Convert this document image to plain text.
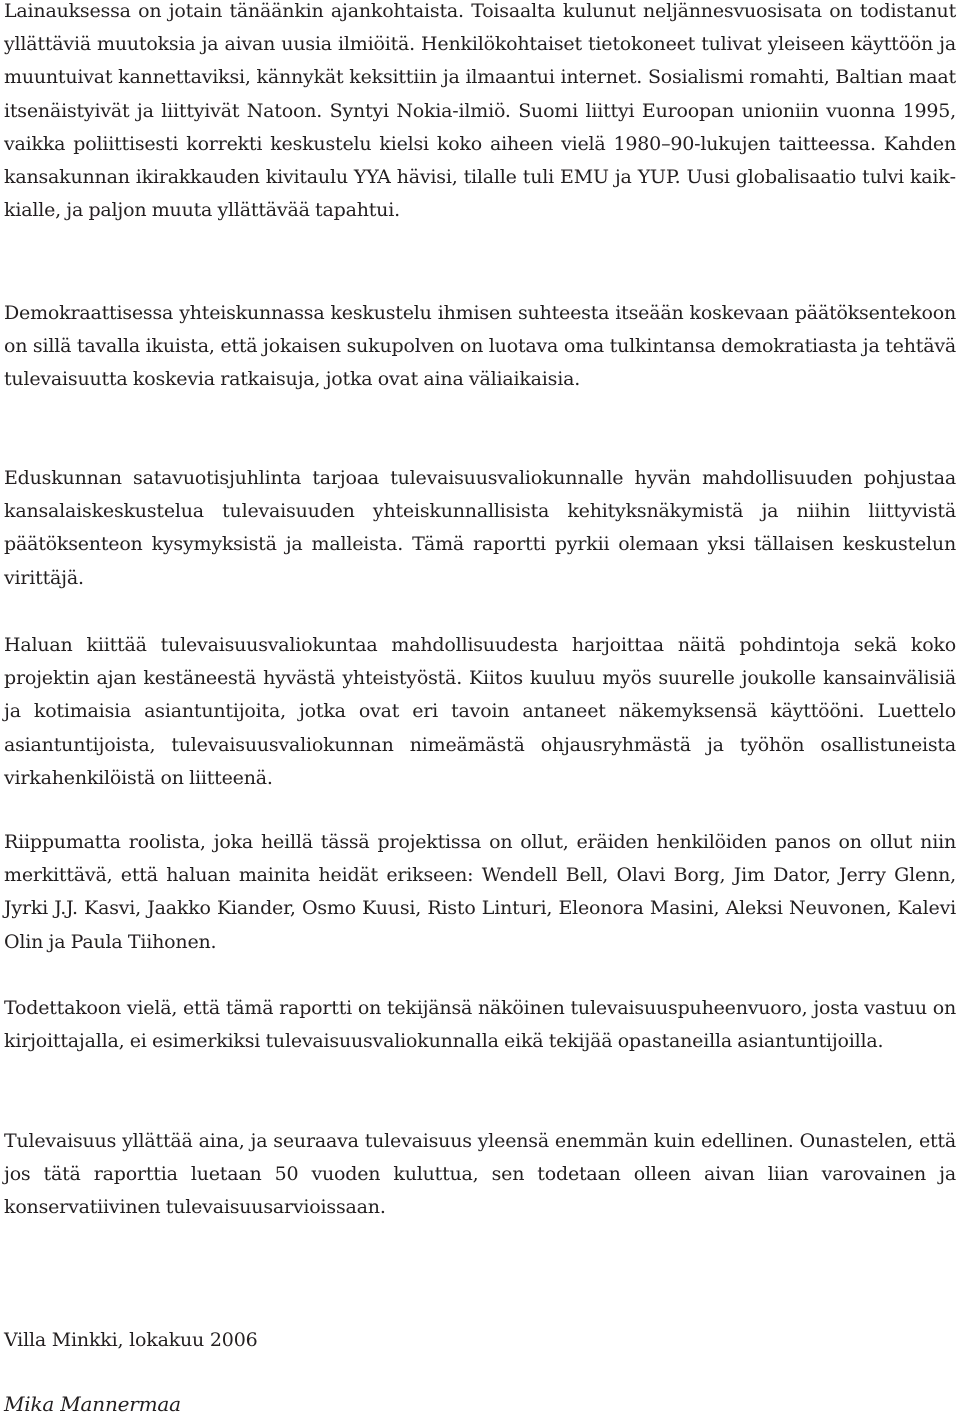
Lainauksessa on jotain tänäänkin ajankohtaista. Toisaalta kulunut neljännesvuosisata on todistanut yllättäviä muutoksia ja aivan uusia ilmiöitä. Henkilökohtaiset tietokoneet tulivat yleiseen käyttöön ja muuntuivat kannettaviksi, kännykät keksittiin ja ilmaantui internet. Sosialismi romahti, Baltian maat itsenäistyivät ja liittyivät Natoon. Syntyi Nokia-ilmiö. Suomi liittyi Euroopan unioniin vuonna 1995, vaikka poliittisesti korrekti keskustelu kielsi koko aiheen vielä 1980–90-lukujen taitteessa. Kahden kansakunnan ikirakkauden kivitaulu YYA hävisi, tilalle tuli EMU ja YUP. Uusi globalisaatio tulvi kaikkialle, ja paljon muuta yllättävää tapahtui.

Demokraattisessa yhteiskunnassa keskustelu ihmisen suhteesta itseään koskevaan päätöksentekoon on sillä tavalla ikuista, että jokaisen sukupolven on luotava oma tulkintansa demokratiasta ja tehtävä tulevaisuutta koskevia ratkaisuja, jotka ovat aina väliaikaisia.

Eduskunnan satavuotisjuhlinta tarjoaa tulevaisuusvaliokunnalle hyvän mahdollisuuden pohjustaa kansalaiskeskustelua tulevaisuuden yhteiskunnallisista kehityksnäkymistä ja niihin liittyvistä päätöksenteon kysymyksistä ja malleista. Tämä raportti pyrkii olemaan yksi tällaisen keskustelun virittäjä.

Haluan kiittää tulevaisuusvaliokuntaa mahdollisuudesta harjoittaa näitä pohdintoja sekä koko projektin ajan kestäneestä hyvästä yhteistyöstä. Kiitos kuuluu myös suurelle joukolle kansainvälisiä ja kotimaisia asiantuntijoita, jotka ovat eri tavoin antaneet näkemyksensä käyttööni. Luettelo asiantuntijoista, tulevaisuusvaliokunnan nimeämästä ohjausryhmästä ja työhön osallistuneista virkahenkilöistä on liitteenä.

Riippumatta roolista, joka heillä tässä projektissa on ollut, eräiden henkilöiden panos on ollut niin merkittävä, että haluan mainita heidät erikseen: Wendell Bell, Olavi Borg, Jim Dator, Jerry Glenn, Jyrki J.J. Kasvi, Jaakko Kiander, Osmo Kuusi, Risto Linturi, Eleonora Masini, Aleksi Neuvonen, Kalevi Olin ja Paula Tiihonen.

Todettakoon vielä, että tämä raportti on tekijänsä näköinen tulevaisuuspuheenvuoro, josta vastuu on kirjoittajalla, ei esimerkiksi tulevaisuusvaliokunnalla eikä tekijää opastaneilla asiantuntijoilla.

Tulevaisuus yllättää aina, ja seuraava tulevaisuus yleensä enemmän kuin edellinen. Ounastelen, että jos tätä raporttia luetaan 50 vuoden kuluttua, sen todetaan olleen aivan liian varovainen ja konservatiivinen tulevaisuusarvioissaan.

Villa Minkki, lokakuu 2006

Mika Mannermaa
